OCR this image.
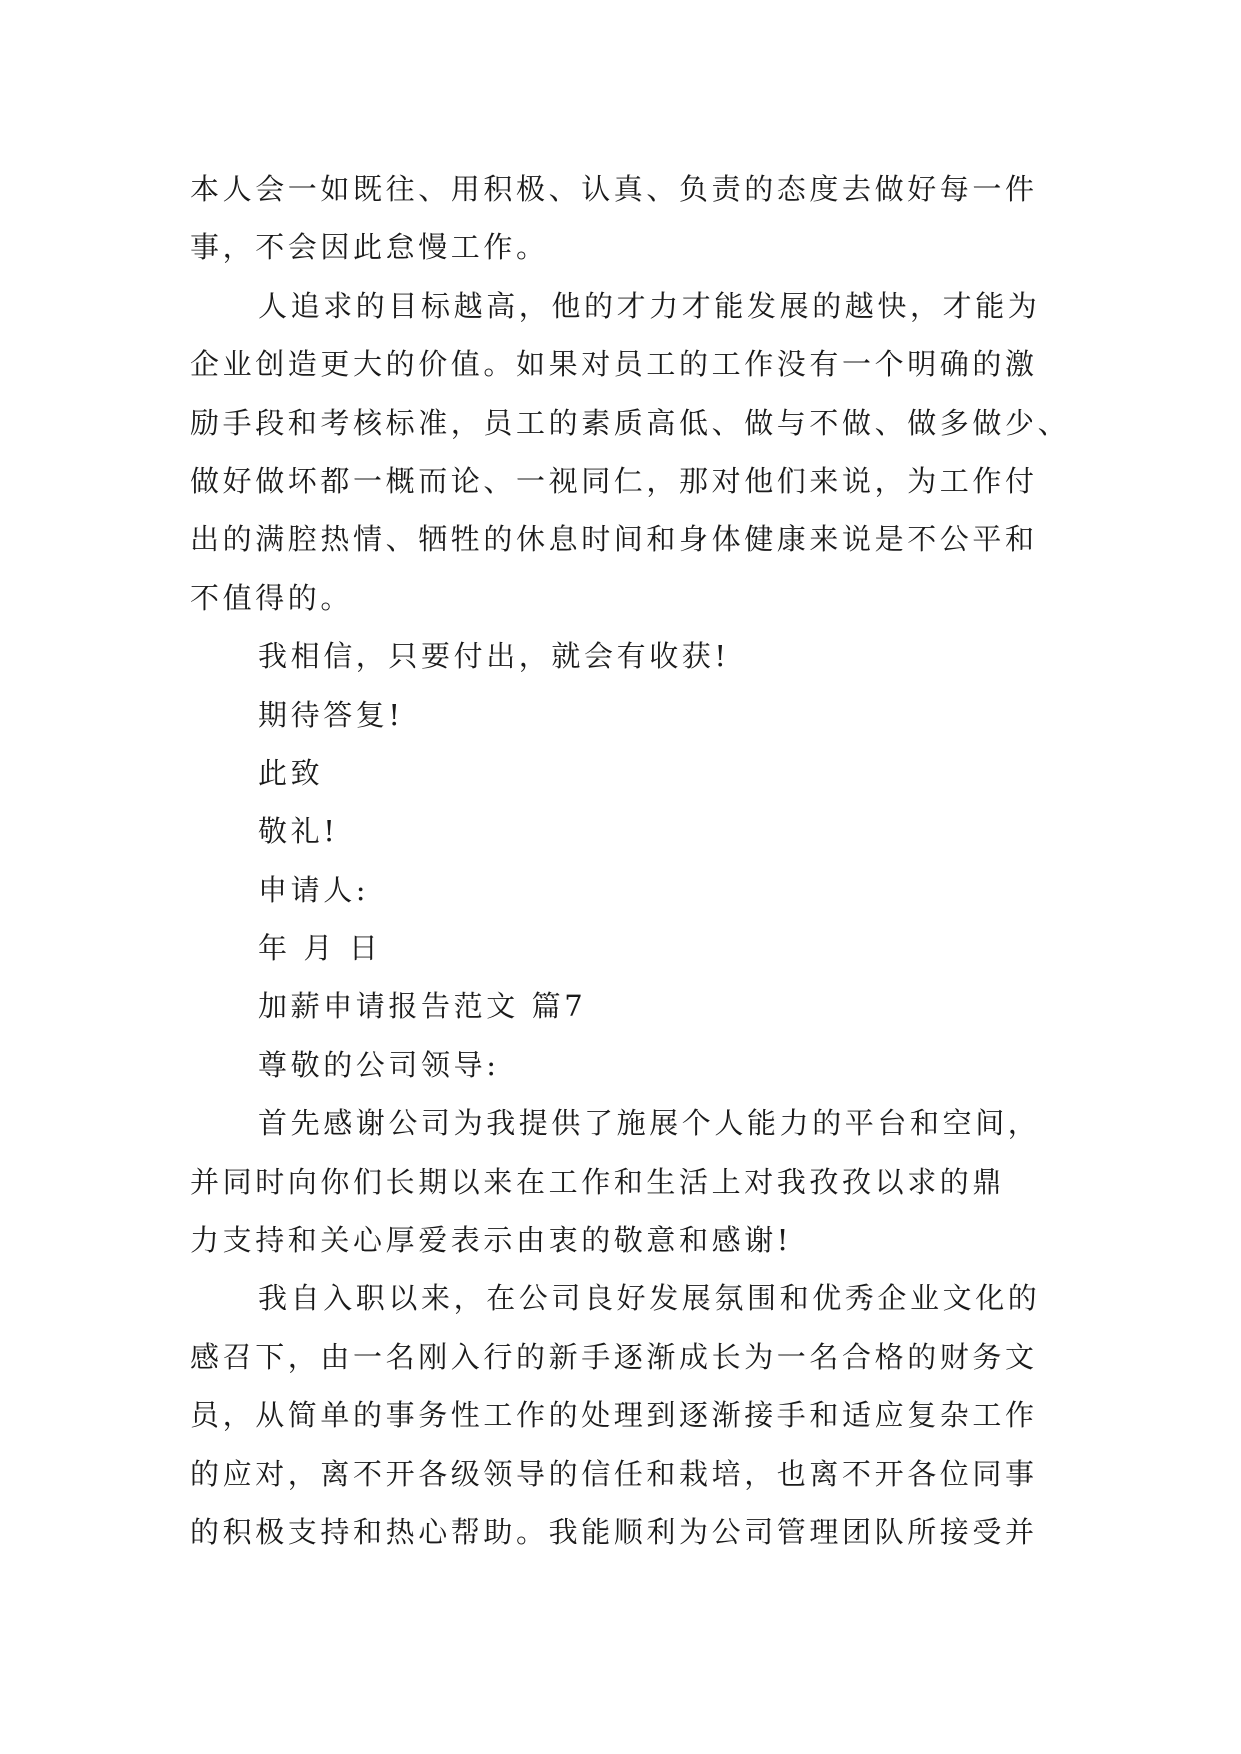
本人会一如既往、用积极、认真、负责的态度去做好每一件
事，不会因此怠慢工作。
人追求的目标越高，他的才力才能发展的越快，才能为
企业创造更大的价值。如果对员工的工作没有一个明确的激
励手段和考核标准，员工的素质高低、做与不做、做多做少、
做好做坏都一概而论、一视同仁，那对他们来说，为工作付
出的满腔热情、牺牲的休息时间和身体健康来说是不公平和
不值得的。
我相信，只要付出，就会有收获!
期待答复!
此致
敬礼!
申请人:
年 月 日
加薪申请报告范文 篇7
尊敬的公司领导:
首先感谢公司为我提供了施展个人能力的平台和空间，
并同时向你们长期以来在工作和生活上对我孜孜以求的鼎
力支持和关心厚爱表示由衷的敬意和感谢!
我自入职以来，在公司良好发展氛围和优秀企业文化的
感召下，由一名刚入行的新手逐渐成长为一名合格的财务文
员，从简单的事务性工作的处理到逐渐接手和适应复杂工作
的应对，离不开各级领导的信任和栽培，也离不开各位同事
的积极支持和热心帮助。我能顺利为公司管理团队所接受并
